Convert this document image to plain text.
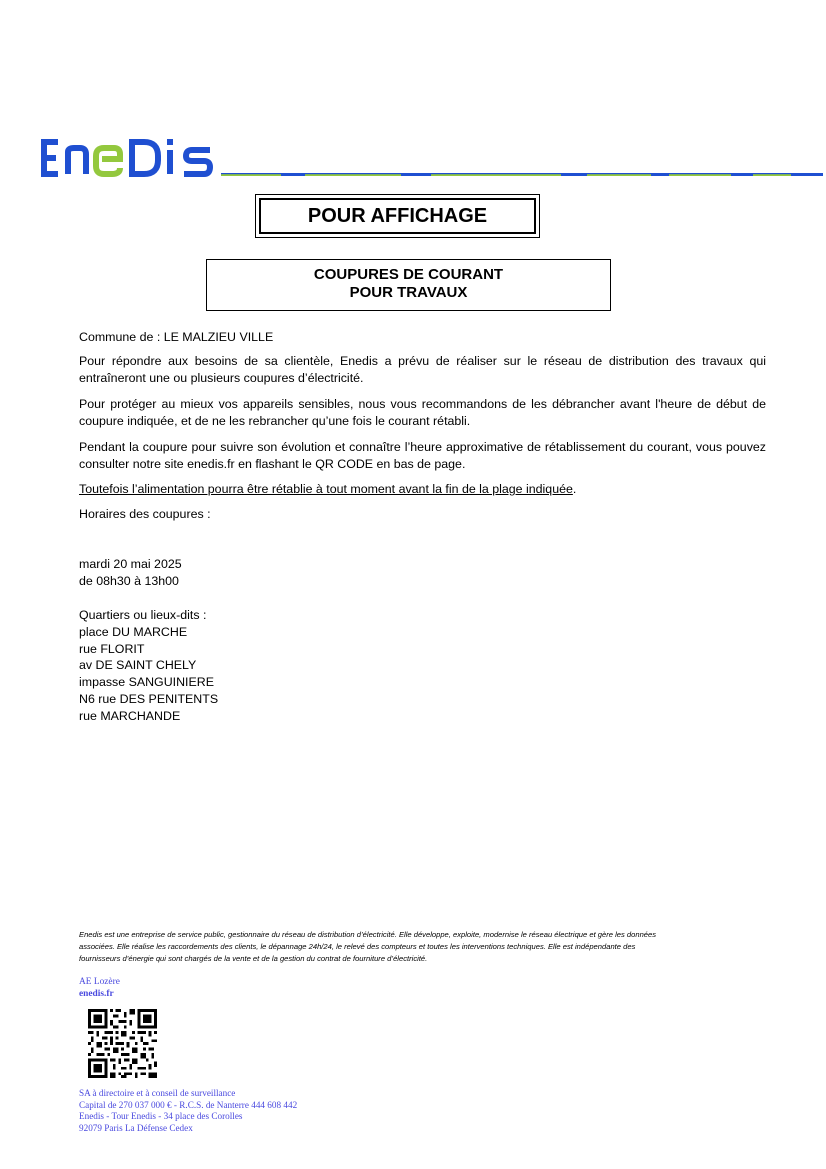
POUR AFFICHAGE
COUPURES DE COURANT
POUR TRAVAUX
Commune de : LE MALZIEU VILLE
Pour répondre aux besoins de sa clientèle, Enedis a prévu de réaliser sur le réseau de distribution des travaux qui entraîneront une ou plusieurs coupures d’électricité.
Pour protéger au mieux vos appareils sensibles, nous vous recommandons de les débrancher avant l'heure de début de coupure indiquée, et de ne les rebrancher qu’une fois le courant rétabli.
Pendant la coupure pour suivre son évolution et connaître l’heure approximative de rétablissement du courant, vous pouvez consulter notre site enedis.fr en flashant le QR CODE en bas de page.
Toutefois l’alimentation pourra être rétablie à tout moment avant la fin de la plage indiquée.
Horaires des coupures :
mardi 20 mai 2025
de 08h30 à 13h00
Quartiers ou lieux-dits :
place DU MARCHE
rue FLORIT
av DE SAINT CHELY
impasse SANGUINIERE
N6 rue DES PENITENTS
rue MARCHANDE
Enedis est une entreprise de service public, gestionnaire du réseau de distribution d’électricité. Elle développe, exploite, modernise le réseau électrique et gère les données
associées. Elle réalise les raccordements des clients, le dépannage 24h/24, le relevé des compteurs et toutes les interventions techniques. Elle est indépendante des
fournisseurs d’énergie qui sont chargés de la vente et de la gestion du contrat de fourniture d’électricité.
AE Lozère
enedis.fr
SA à directoire et à conseil de surveillance
Capital de 270 037 000 € - R.C.S. de Nanterre 444 608 442
Enedis - Tour Enedis - 34 place des Corolles
92079 Paris La Défense Cedex
